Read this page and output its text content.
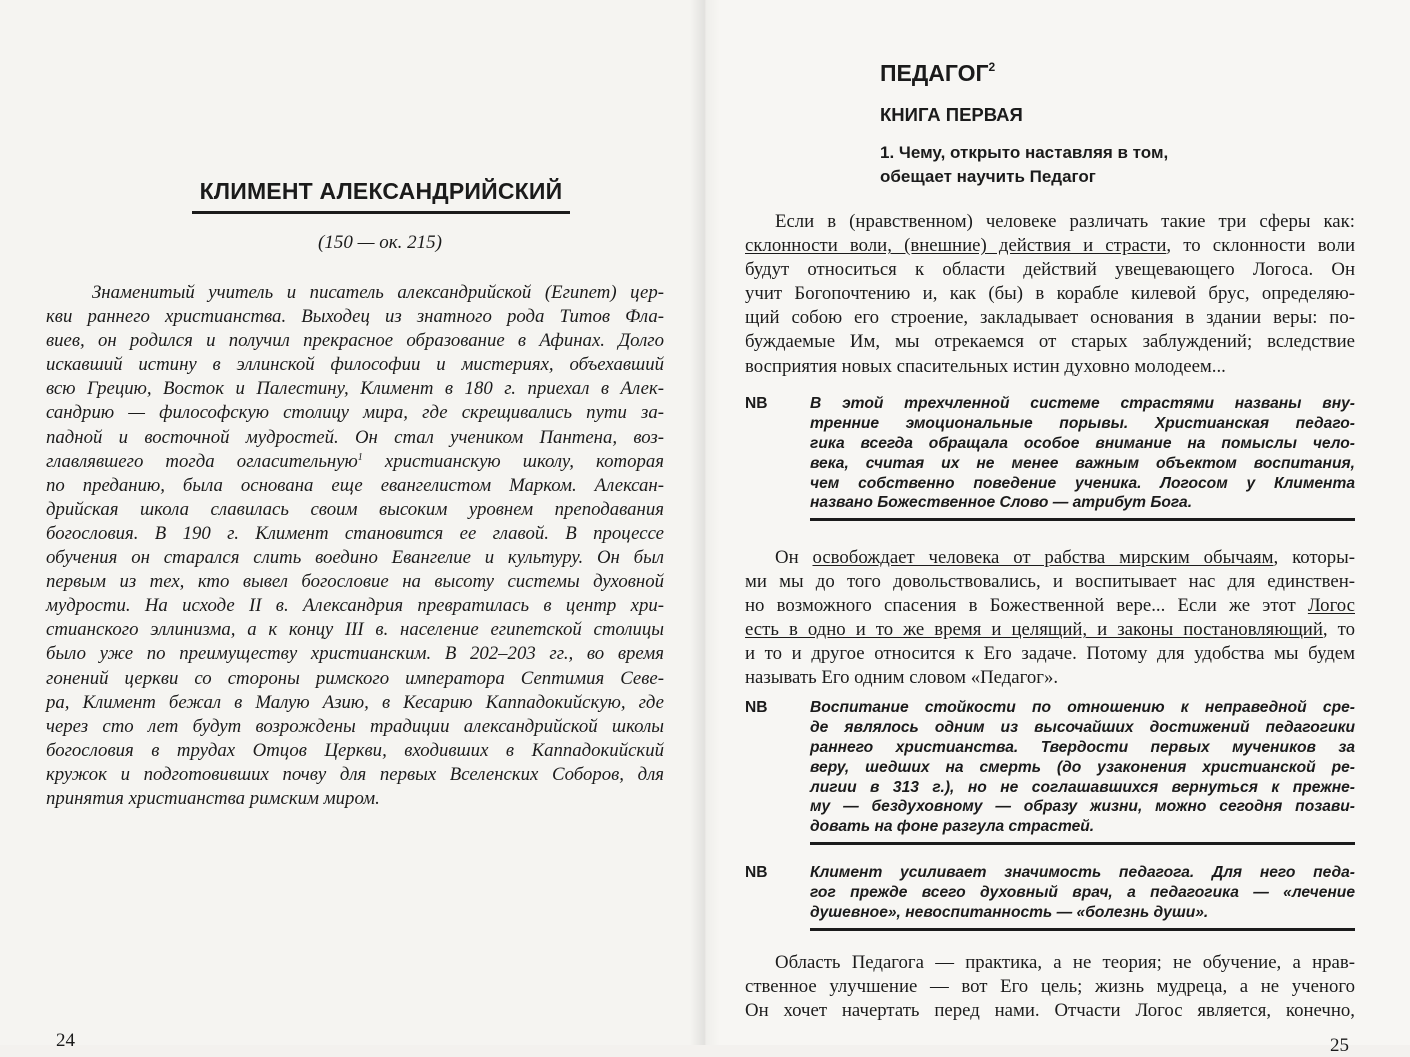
КЛИМЕНТ АЛЕКСАНДРИЙСКИЙ
(150 — ок. 215)
Знаменитый учитель и писатель александрийской (Египет) цер-
кви раннего христианства. Выходец из знатного рода Титов Фла-
виев, он родился и получил прекрасное образование в Афинах. Долго
искавший истину в эллинской философии и мистериях, объехавший
всю Грецию, Восток и Палестину, Климент в 180 г. приехал в Алек-
сандрию — философскую столицу мира, где скрещивались пути за-
падной и восточной мудростей. Он стал учеником Пантена, воз-
главлявшего тогда огласительную$^1$ христианскую школу, которая
по преданию, была основана еще евангелистом Марком. Алексан-
дрийская школа славилась своим высоким уровнем преподавания
богословия. В 190 г. Климент становится ее главой. В процессе
обучения он старался слить воедино Евангелие и культуру. Он был
первым из тех, кто вывел богословие на высоту системы духовной
мудрости. На исходе II в. Александрия превратилась в центр хри-
стианского эллинизма, а к концу III в. население египетской столицы
было уже по преимуществу христианским. В 202–203 гг., во время
гонений церкви со стороны римского императора Септимия Севе-
ра, Климент бежал в Малую Азию, в Кесарию Каппадокийскую, где
через сто лет будут возрождены традиции александрийской школы
богословия в трудах Отцов Церкви, входивших в Каппадокийский
кружок и подготовивших почву для первых Вселенских Соборов, для
принятия христианства римским миром.
24
ПЕДАГОГ$^2$
КНИГА ПЕРВАЯ
1. Чему, открыто наставляя в том,
обещает научить Педагог
Если в (нравственном) человеке различать такие три сферы как:
склонности воли, (внешние) действия и страсти, то склонности воли
будут относиться к области действий увещевающего Логоса. Он
учит Богопочтению и, как (бы) в корабле килевой брус, определяю-
щий собою его строение, закладывает основания в здании веры: по-
буждаемые Им, мы отрекаемся от старых заблуждений; вследствие
восприятия новых спасительных истин духовно молодеем...
NB	В этой трехчленной системе страстями названы вну-
тренние эмоциональные порывы. Христианская педаго-
гика всегда обращала особое внимание на помыслы чело-
века, считая их не менее важным объектом воспитания,
чем собственно поведение ученика. Логосом у Климента
названо Божественное Слово — атрибут Бога.
Он освобождает человека от рабства мирским обычаям, которы-
ми мы до того довольствовались, и воспитывает нас для единствен-
но возможного спасения в Божественной вере... Если же этот Логос
есть в одно и то же время и целящий, и законы постановляющий, то
и то и другое относится к Его задаче. Потому для удобства мы будем
называть Его одним словом «Педагог».
NB	Воспитание стойкости по отношению к неправедной сре-
де являлось одним из высочайших достижений педагогики
раннего христианства. Твердости первых мучеников за
веру, шедших на смерть (до узаконения христианской ре-
лигии в 313 г.), но не соглашавшихся вернуться к прежне-
му — бездуховному — образу жизни, можно сегодня позави-
довать на фоне разгула страстей.
NB	Климент усиливает значимость педагога. Для него педа-
гог прежде всего духовный врач, а педагогика — «лечение
душевное», невоспитанность — «болезнь души».
Область Педагога — практика, а не теория; не обучение, а нрав-
ственное улучшение — вот Его цель; жизнь мудреца, а не ученого
Он хочет начертать перед нами. Отчасти Логос является, конечно,
25
